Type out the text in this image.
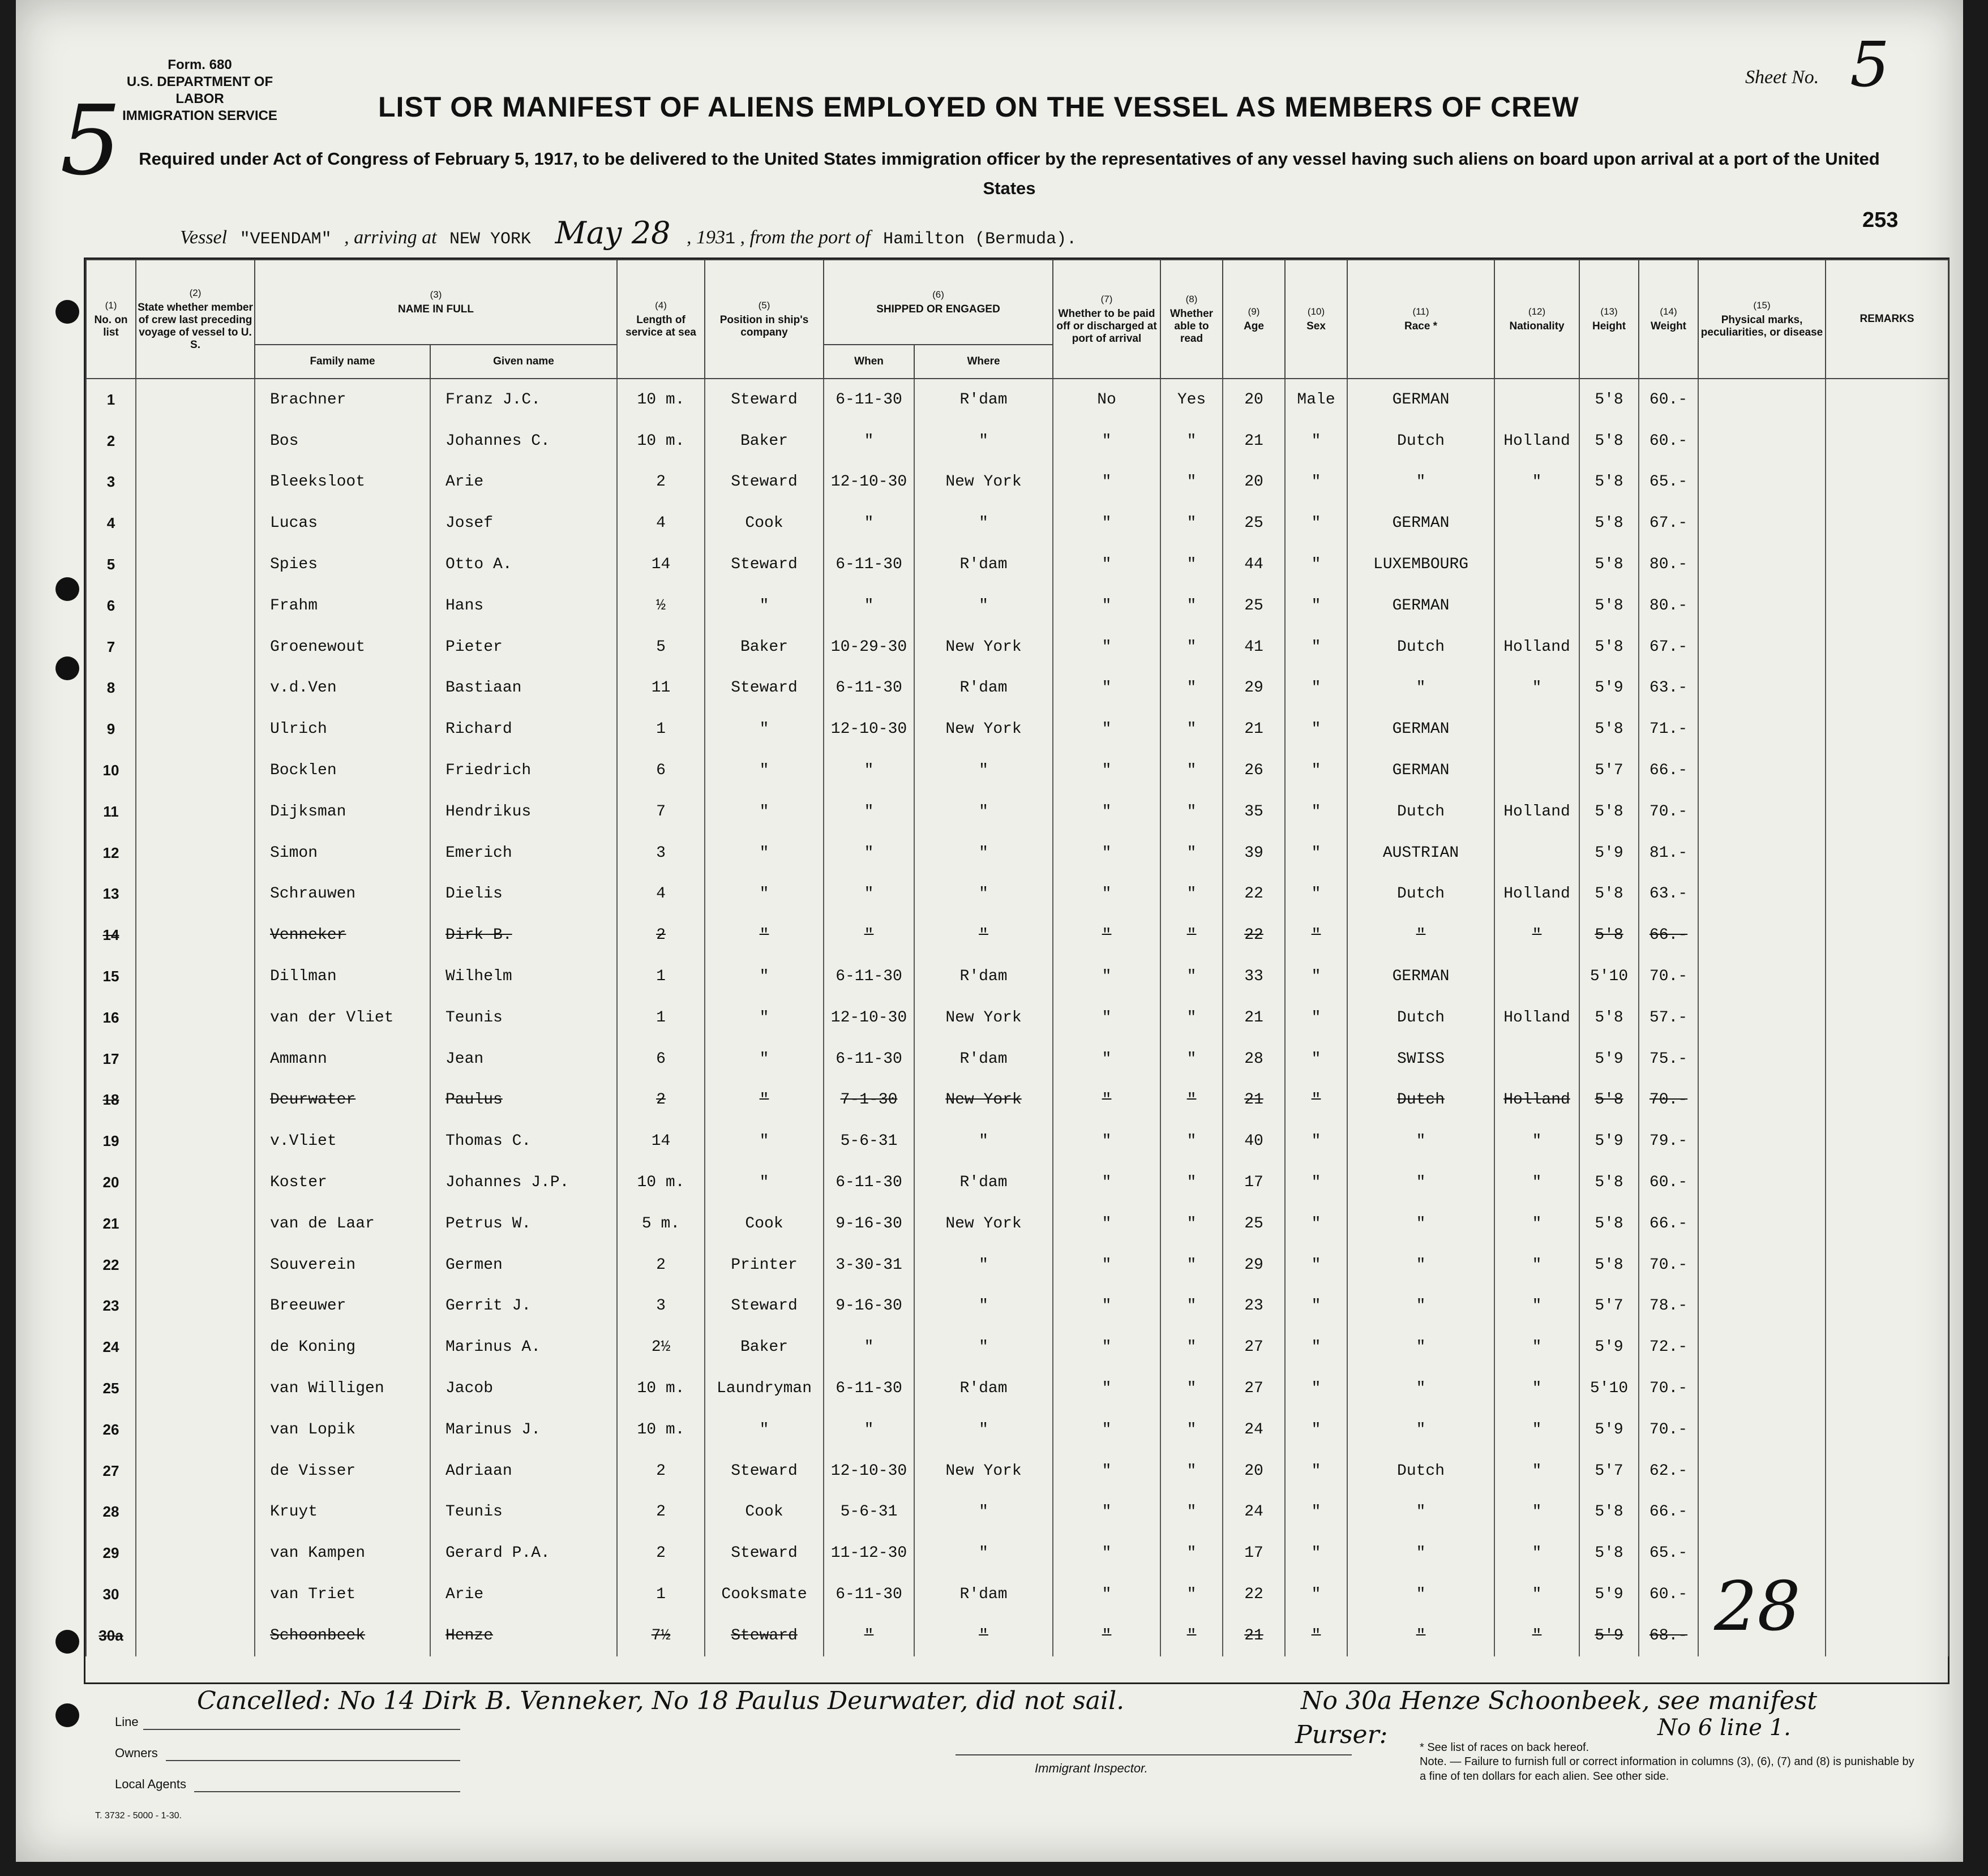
Form. 680
U.S. DEPARTMENT OF LABOR
IMMIGRATION SERVICE
5
Sheet No. 5
LIST OR MANIFEST OF ALIENS EMPLOYED ON THE VESSEL AS MEMBERS OF CREW
Required under Act of Congress of February 5, 1917, to be delivered to the United States immigration officer by the representatives of any vessel having such aliens on board upon arrival at a port of the United States
Vessel "VEENDAM" , arriving at NEW YORK May 28 , 1931 , from the port of Hamilton (Bermuda).
253
(1)
No. on list	(2)
State whether member of crew last preceding voyage of vessel to U. S.	(3)
NAME IN FULL		(4)
Length of service at sea	(5)
Position in ship's company	(6)
SHIPPED OR ENGAGED		(7)
Whether to be paid off or discharged at port of arrival	(8)
Whether able to read	(9)
Age	(10)
Sex	(11)
Race *	(12)
Nationality	(13)
Height	(14)
Weight	(15)
Physical marks, peculiarities, or disease	REMARKS
		Family name	Given name			When	Where										
1		Brachner	Franz J.C.	10 m.	Steward	6-11-30	R'dam	No	Yes	20	Male	GERMAN		5'8	60.-		
2		Bos	Johannes C.	10 m.	Baker	"	"	"	"	21	"	Dutch	Holland	5'8	60.-		
3		Bleeksloot	Arie	2	Steward	12-10-30	New York	"	"	20	"	"	"	5'8	65.-		
4		Lucas	Josef	4	Cook	"	"	"	"	25	"	GERMAN		5'8	67.-		
5		Spies	Otto A.	14	Steward	6-11-30	R'dam	"	"	44	"	LUXEMBOURG		5'8	80.-		
6		Frahm	Hans	½	"	"	"	"	"	25	"	GERMAN		5'8	80.-		
7		Groenewout	Pieter	5	Baker	10-29-30	New York	"	"	41	"	Dutch	Holland	5'8	67.-		
8		v.d.Ven	Bastiaan	11	Steward	6-11-30	R'dam	"	"	29	"	"	"	5'9	63.-		
9		Ulrich	Richard	1	"	12-10-30	New York	"	"	21	"	GERMAN		5'8	71.-		
10		Bocklen	Friedrich	6	"	"	"	"	"	26	"	GERMAN		5'7	66.-		
11		Dijksman	Hendrikus	7	"	"	"	"	"	35	"	Dutch	Holland	5'8	70.-		
12		Simon	Emerich	3	"	"	"	"	"	39	"	AUSTRIAN		5'9	81.-		
13		Schrauwen	Dielis	4	"	"	"	"	"	22	"	Dutch	Holland	5'8	63.-		
14		Venneker	Dirk B.	2	"	"	"	"	"	22	"	"	"	5'8	66.-		
15		Dillman	Wilhelm	1	"	6-11-30	R'dam	"	"	33	"	GERMAN		5'10	70.-		
16		van der Vliet	Teunis	1	"	12-10-30	New York	"	"	21	"	Dutch	Holland	5'8	57.-		
17		Ammann	Jean	6	"	6-11-30	R'dam	"	"	28	"	SWISS		5'9	75.-		
18		Deurwater	Paulus	2	"	7-1-30	New York	"	"	21	"	Dutch	Holland	5'8	70.-		
19		v.Vliet	Thomas C.	14	"	5-6-31	"	"	"	40	"	"	"	5'9	79.-		
20		Koster	Johannes J.P.	10 m.	"	6-11-30	R'dam	"	"	17	"	"	"	5'8	60.-		
21		van de Laar	Petrus W.	5 m.	Cook	9-16-30	New York	"	"	25	"	"	"	5'8	66.-		
22		Souverein	Germen	2	Printer	3-30-31	"	"	"	29	"	"	"	5'8	70.-		
23		Breeuwer	Gerrit J.	3	Steward	9-16-30	"	"	"	23	"	"	"	5'7	78.-		
24		de Koning	Marinus A.	2½	Baker	"	"	"	"	27	"	"	"	5'9	72.-		
25		van Willigen	Jacob	10 m.	Laundryman	6-11-30	R'dam	"	"	27	"	"	"	5'10	70.-		
26		van Lopik	Marinus J.	10 m.	"	"	"	"	"	24	"	"	"	5'9	70.-		
27		de Visser	Adriaan	2	Steward	12-10-30	New York	"	"	20	"	Dutch	"	5'7	62.-		
28		Kruyt	Teunis	2	Cook	5-6-31	"	"	"	24	"	"	"	5'8	66.-		
29		van Kampen	Gerard P.A.	2	Steward	11-12-30	"	"	"	17	"	"	"	5'8	65.-		
30		van Triet	Arie	1	Cooksmate	6-11-30	R'dam	"	"	22	"	"	"	5'9	60.-		
30a		Schoonbeek	Henze	7½	Steward	"	"	"	"	21	"	"	"	5'9	68.-		
Cancelled: No 14 Dirk B. Venneker, No 18 Paulus Deurwater, did not sail.	No 30a Henze Schoonbeek, see manifest
No 6 line 1.
Purser:
28
Line
Owners
Local Agents
Immigrant Inspector.
* See list of races on back hereof.
Note. — Failure to furnish full or correct information in columns (3), (6), (7) and (8) is punishable by a fine of ten dollars for each alien. See other side.
T. 3732 - 5000 - 1-30.
